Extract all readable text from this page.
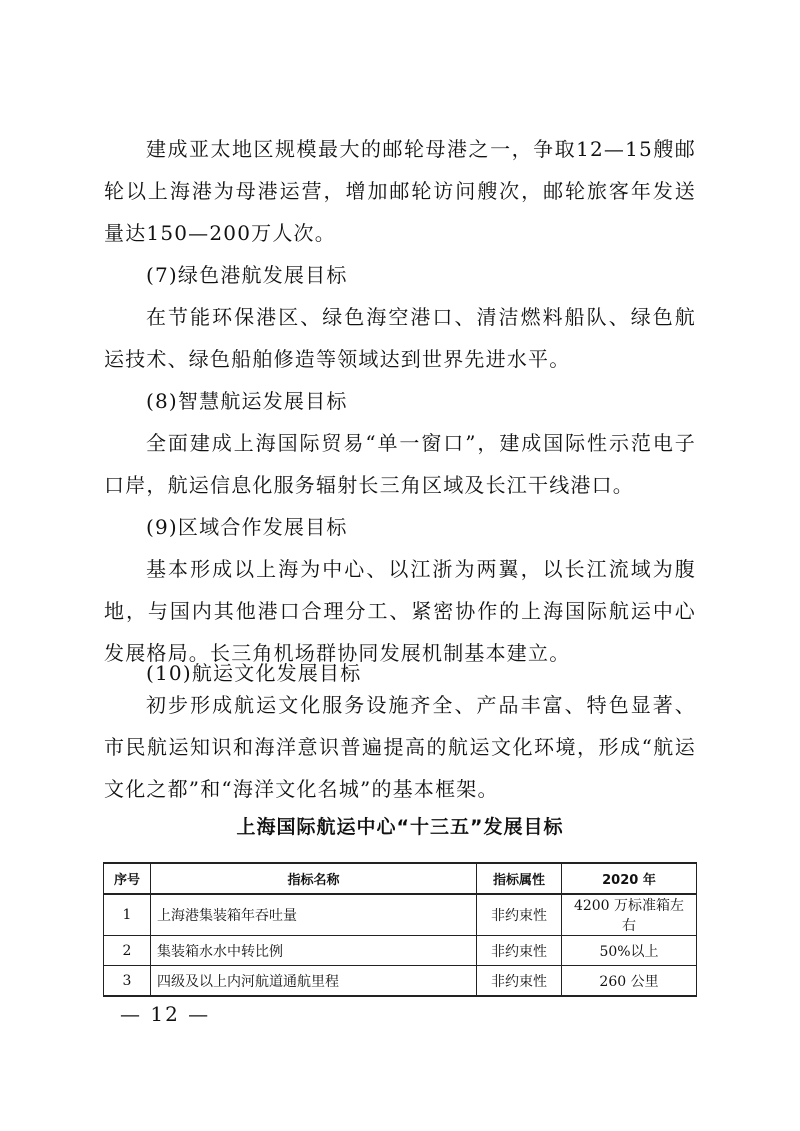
建成亚太地区规模最大的邮轮母港之一，争取12—15艘邮轮以上海港为母港运营，增加邮轮访问艘次，邮轮旅客年发送量达150—200万人次。

(7)绿色港航发展目标

在节能环保港区、绿色海空港口、清洁燃料船队、绿色航运技术、绿色船舶修造等领域达到世界先进水平。

(8)智慧航运发展目标

全面建成上海国际贸易“单一窗口”，建成国际性示范电子口岸，航运信息化服务辐射长三角区域及长江干线港口。

(9)区域合作发展目标

基本形成以上海为中心、以江浙为两翼，以长江流域为腹地，与国内其他港口合理分工、紧密协作的上海国际航运中心发展格局。长三角机场群协同发展机制基本建立。

(10)航运文化发展目标

初步形成航运文化服务设施齐全、产品丰富、特色显著、市民航运知识和海洋意识普遍提高的航运文化环境，形成“航运文化之都”和“海洋文化名城”的基本框架。

上海国际航运中心“十三五”发展目标

序号	指标名称	指标属性	2020 年
1	上海港集装箱年吞吐量	非约束性	4200 万标准箱左右
2	集装箱水水中转比例	非约束性	50%以上
3	四级及以上内河航道通航里程	非约束性	260 公里

— 12 —
